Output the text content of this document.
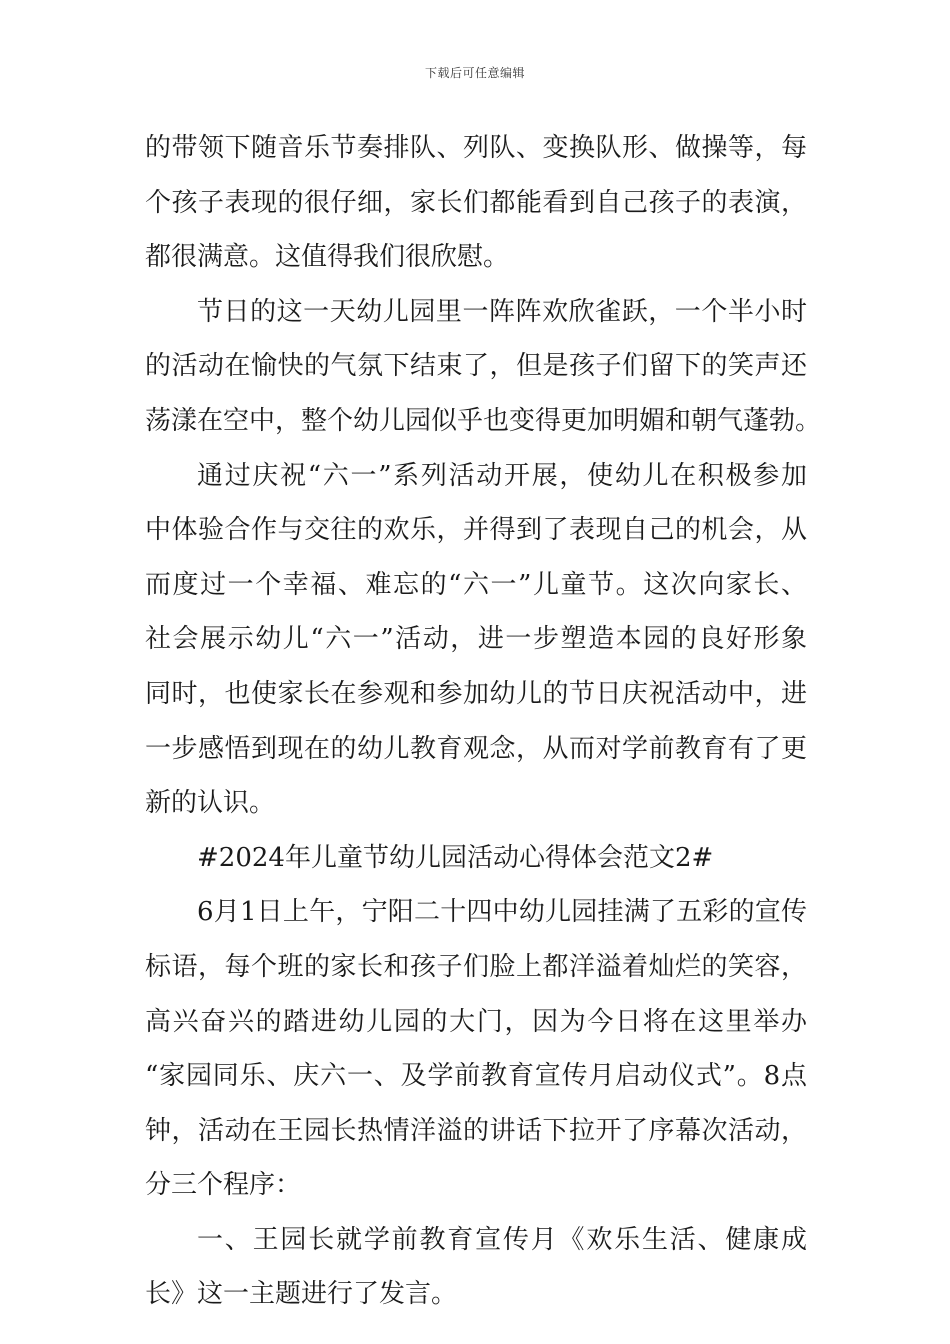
下载后可任意编辑
的带领下随音乐节奏排队、列队、变换队形、做操等，每
个孩子表现的很仔细，家长们都能看到自己孩子的表演，
都很满意。这值得我们很欣慰。
节日的这一天幼儿园里一阵阵欢欣雀跃，一个半小时
的活动在愉快的气氛下结束了，但是孩子们留下的笑声还
荡漾在空中，整个幼儿园似乎也变得更加明媚和朝气蓬勃。
通过庆祝“六一”系列活动开展，使幼儿在积极参加
中体验合作与交往的欢乐，并得到了表现自己的机会，从
而度过一个幸福、难忘的“六一”儿童节。这次向家长、
社会展示幼儿“六一”活动，进一步塑造本园的良好形象
同时，也使家长在参观和参加幼儿的节日庆祝活动中，进
一步感悟到现在的幼儿教育观念，从而对学前教育有了更
新的认识。
#2024年儿童节幼儿园活动心得体会范文2#
6月1日上午，宁阳二十四中幼儿园挂满了五彩的宣传
标语，每个班的家长和孩子们脸上都洋溢着灿烂的笑容，
高兴奋兴的踏进幼儿园的大门，因为今日将在这里举办
“家园同乐、庆六一、及学前教育宣传月启动仪式”。8点
钟，活动在王园长热情洋溢的讲话下拉开了序幕次活动，
分三个程序：
一、王园长就学前教育宣传月《欢乐生活、健康成
长》这一主题进行了发言。
